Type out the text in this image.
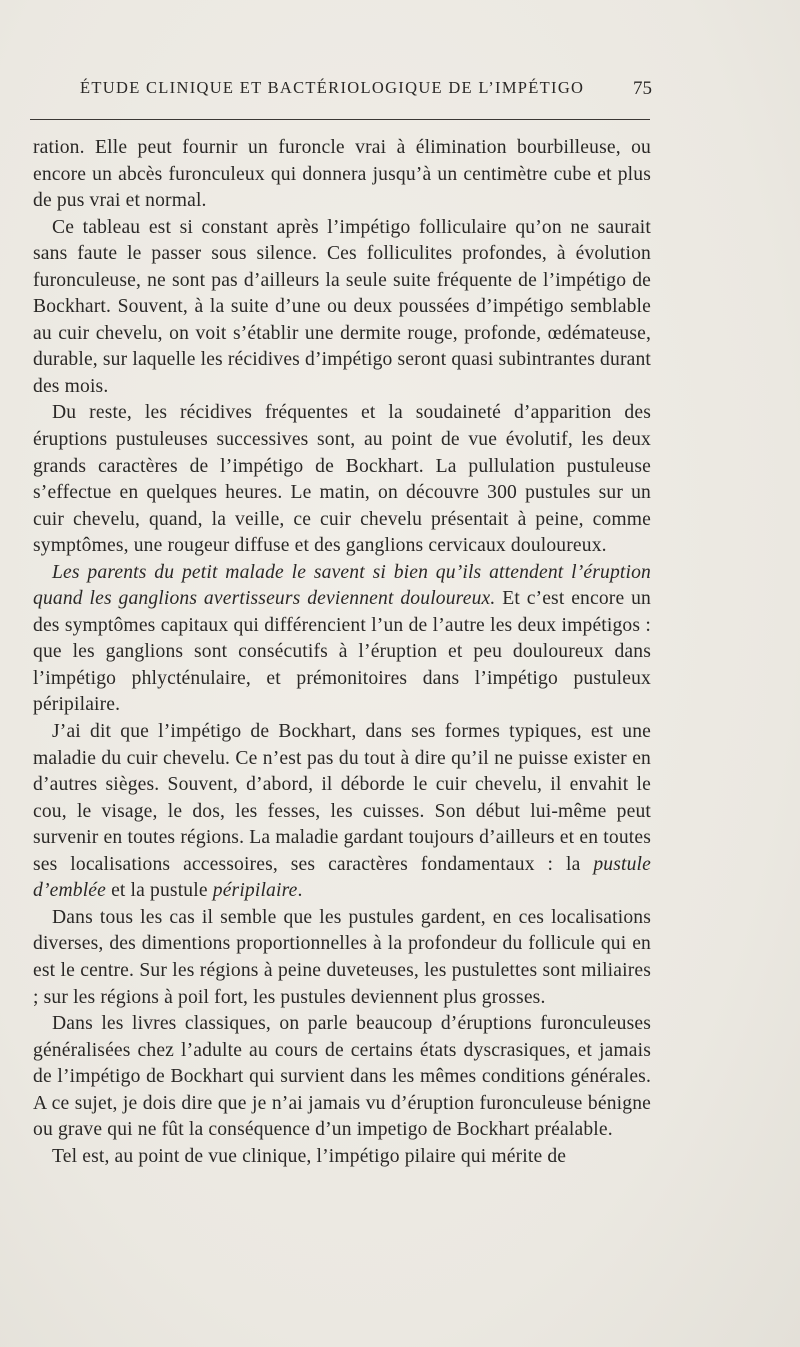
ÉTUDE CLINIQUE ET BACTÉRIOLOGIQUE DE L’IMPÉTIGO	75

ration. Elle peut fournir un furoncle vrai à élimination bourbilleuse, ou encore un abcès furonculeux qui donnera jusqu’à un centimètre cube et plus de pus vrai et normal.

Ce tableau est si constant après l’impétigo folliculaire qu’on ne saurait sans faute le passer sous silence. Ces folliculites profondes, à évolution furonculeuse, ne sont pas d’ailleurs la seule suite fréquente de l’impétigo de Bockhart. Souvent, à la suite d’une ou deux poussées d’impétigo semblable au cuir chevelu, on voit s’établir une dermite rouge, profonde, œdémateuse, durable, sur laquelle les récidives d’impétigo seront quasi subintrantes durant des mois.

Du reste, les récidives fréquentes et la soudaineté d’apparition des éruptions pustuleuses successives sont, au point de vue évolutif, les deux grands caractères de l’impétigo de Bockhart. La pullulation pustuleuse s’effectue en quelques heures. Le matin, on découvre 300 pustules sur un cuir chevelu, quand, la veille, ce cuir chevelu présentait à peine, comme symptômes, une rougeur diffuse et des ganglions cervicaux douloureux.

Les parents du petit malade le savent si bien qu’ils attendent l’éruption quand les ganglions avertisseurs deviennent douloureux. Et c’est encore un des symptômes capitaux qui différencient l’un de l’autre les deux impétigos : que les ganglions sont consécutifs à l’éruption et peu douloureux dans l’impétigo phlycténulaire, et prémonitoires dans l’impétigo pustuleux péripilaire.

J’ai dit que l’impétigo de Bockhart, dans ses formes typiques, est une maladie du cuir chevelu. Ce n’est pas du tout à dire qu’il ne puisse exister en d’autres sièges. Souvent, d’abord, il déborde le cuir chevelu, il envahit le cou, le visage, le dos, les fesses, les cuisses. Son début lui-même peut survenir en toutes régions. La maladie gardant toujours d’ailleurs et en toutes ses localisations accessoires, ses caractères fondamentaux : la pustule d’emblée et la pustule péripilaire.

Dans tous les cas il semble que les pustules gardent, en ces localisations diverses, des dimentions proportionnelles à la profondeur du follicule qui en est le centre. Sur les régions à peine duveteuses, les pustulettes sont miliaires ; sur les régions à poil fort, les pustules deviennent plus grosses.

Dans les livres classiques, on parle beaucoup d’éruptions furonculeuses généralisées chez l’adulte au cours de certains états dyscrasiques, et jamais de l’impétigo de Bockhart qui survient dans les mêmes conditions générales. A ce sujet, je dois dire que je n’ai jamais vu d’éruption furonculeuse bénigne ou grave qui ne fût la conséquence d’un impetigo de Bockhart préalable.

Tel est, au point de vue clinique, l’impétigo pilaire qui mérite de
